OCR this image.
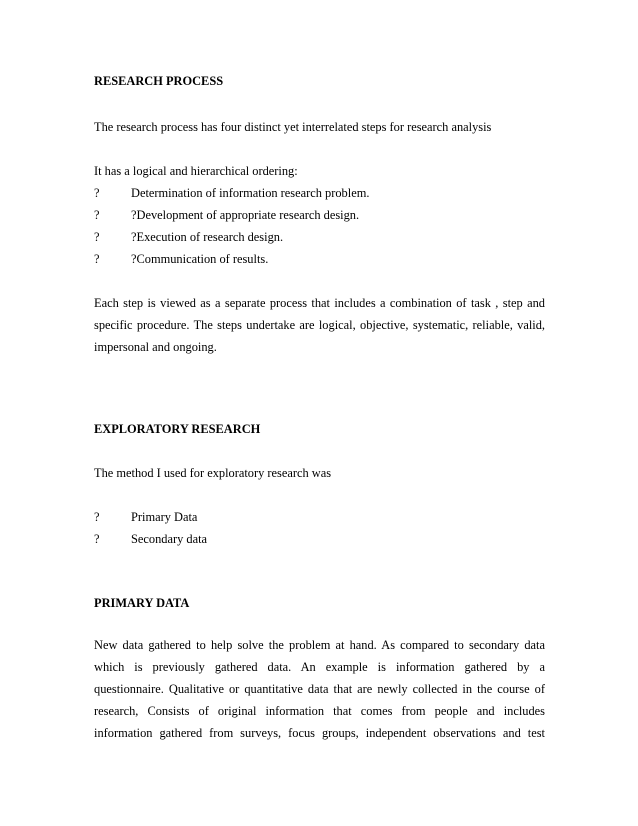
RESEARCH PROCESS
The research process has four distinct yet interrelated steps for research analysis
It has a logical and hierarchical ordering:
?	Determination of information research problem.
?	?Development of appropriate research design.
?	?Execution of research design.
?	?Communication of results.
Each step is viewed as a separate process that includes a combination of task , step and
specific procedure. The steps undertake are logical, objective, systematic, reliable, valid,
impersonal and ongoing.
EXPLORATORY RESEARCH
The method I used for exploratory research was
?	Primary Data
?	Secondary data
PRIMARY DATA
New data gathered to help solve the problem at hand. As compared to secondary data
which is previously gathered data. An example is information gathered by a
questionnaire. Qualitative or quantitative data that are newly collected in the course of
research, Consists of original information that comes from people and includes
information gathered from surveys, focus groups, independent observations and test
